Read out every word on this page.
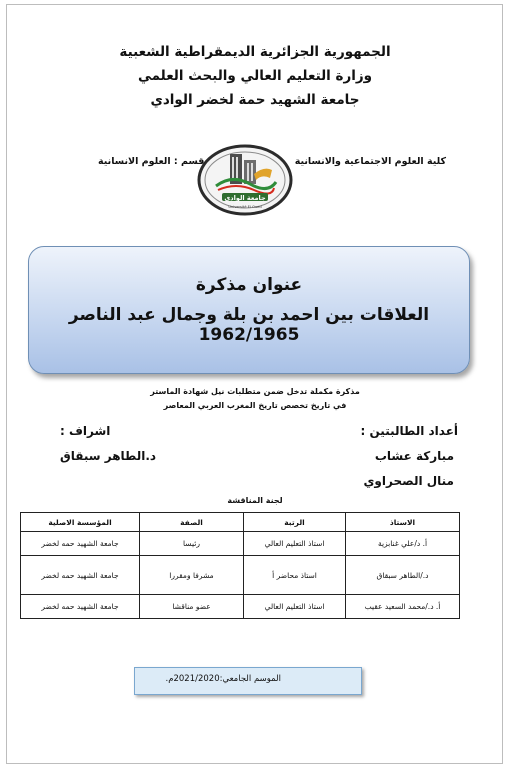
الجمهورية الجزائرية الديمقراطية الشعبية
وزارة التعليم العالي والبحث العلمي
جامعة الشهيد حمة لخضر الوادي
كلية العلوم الاجتماعية والانسانية
قسم : العلوم الانسانية
جامعة الوادي
Université El Oued
عنوان مذكرة
العلاقات بين احمد بن بلة وجمال عبد الناصر 1962/1965
مذكرة مكملة تدخل ضمن متطلبات نيل شهادة الماستر
في تاريخ تخصص تاريخ المغرب العربي المعاصر
أعداد الطالبتين :
مباركة عشاب
منال الصحراوي
اشراف :
د.الطاهر سبقاق
لجنة المناقشة
الاستاذ	الرتبة	الصفة	المؤسسة الاصلية
أ. د/علي غنابزية	استاذ التعليم العالي	رئيسا	جامعة الشهيد حمه لخضر
د./الطاهر سبقاق	استاذ محاضر أ	مشرفا ومقررا	جامعة الشهيد حمه لخضر
أ. د./محمد السعيد عقيب	استاذ التعليم العالي	عضو مناقشا	جامعة الشهيد حمه لخضر
الموسم الجامعي:2021/2020م.
